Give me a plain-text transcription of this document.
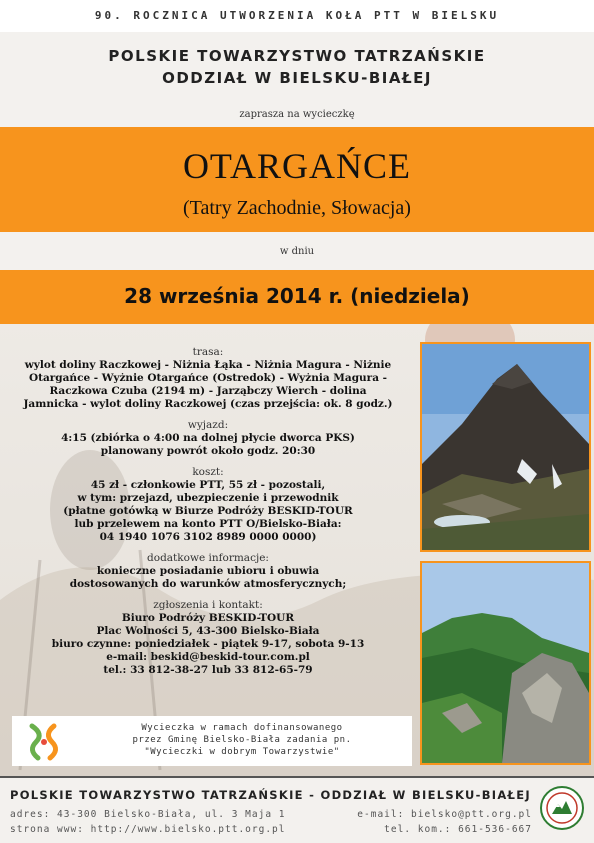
90. ROCZNICA UTWORZENIA KOŁA PTT W BIELSKU
POLSKIE TOWARZYSTWO TATRZAŃSKIE
ODDZIAŁ W BIELSKU-BIAŁEJ
zaprasza na wycieczkę
OTARGAŃCE
(Tatry Zachodnie, Słowacja)
w dniu
28 września 2014 r. (niedziela)
trasa:
wylot doliny Raczkowej - Niżnia Łąka - Niżnia Magura - Niżnie
Otargańce - Wyżnie Otargańce (Ostredok) - Wyżnia Magura -
Raczkowa Czuba (2194 m) - Jarząbczy Wierch - dolina
Jamnicka - wylot doliny Raczkowej (czas przejścia: ok. 8 godz.)
wyjazd:
4:15 (zbiórka o 4:00 na dolnej płycie dworca PKS)
planowany powrót około godz. 20:30
koszt:
45 zł - członkowie PTT, 55 zł - pozostali,
w tym: przejazd, ubezpieczenie i przewodnik
(płatne gotówką w Biurze Podróży BESKID-TOUR
lub przelewem na konto PTT O/Bielsko-Biała:
04 1940 1076 3102 8989 0000 0000)
dodatkowe informacje:
konieczne posiadanie ubioru i obuwia
dostosowanych do warunków atmosferycznych;
zgłoszenia i kontakt:
Biuro Podróży BESKID-TOUR
Plac Wolności 5, 43-300 Bielsko-Biała
biuro czynne: poniedziałek - piątek 9-17, sobota 9-13
e-mail: beskid@beskid-tour.com.pl
tel.: 33 812-38-27 lub 33 812-65-79
Wycieczka w ramach dofinansowanego
przez Gminę Bielsko-Biała zadania pn.
"Wycieczki w dobrym Towarzystwie"
POLSKIE TOWARZYSTWO TATRZAŃSKIE - ODDZIAŁ W BIELSKU-BIAŁEJ
adres: 43-300 Bielsko-Biała, ul. 3 Maja 1
strona www: http://www.bielsko.ptt.org.pl
e-mail: bielsko@ptt.org.pl
tel. kom.: 661-536-667
